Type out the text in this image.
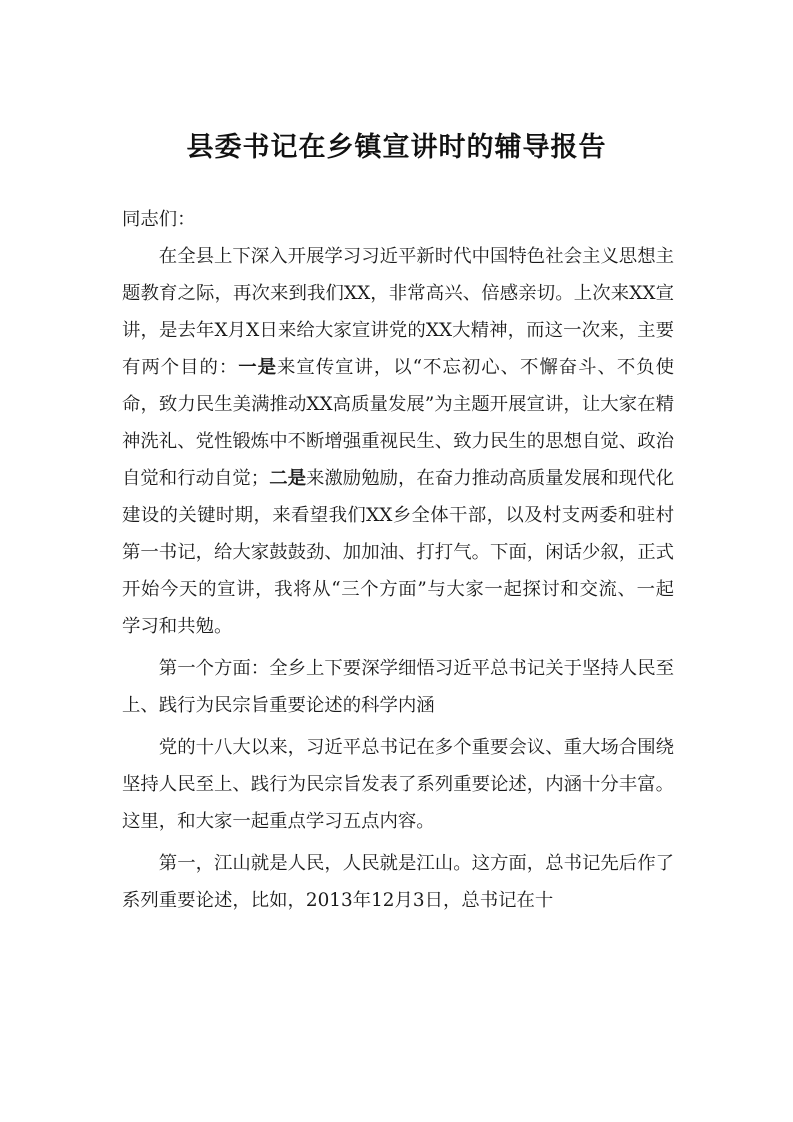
县委书记在乡镇宣讲时的辅导报告

同志们：

在全县上下深入开展学习习近平新时代中国特色社会主义思想主题教育之际，再次来到我们XX，非常高兴、倍感亲切。上次来XX宣讲，是去年X月X日来给大家宣讲党的XX大精神，而这一次来，主要有两个目的：一是来宣传宣讲，以“不忘初心、不懈奋斗、不负使命，致力民生美满推动XX高质量发展”为主题开展宣讲，让大家在精神洗礼、党性锻炼中不断增强重视民生、致力民生的思想自觉、政治自觉和行动自觉；二是来激励勉励，在奋力推动高质量发展和现代化建设的关键时期，来看望我们XX乡全体干部，以及村支两委和驻村第一书记，给大家鼓鼓劲、加加油、打打气。下面，闲话少叙，正式开始今天的宣讲，我将从“三个方面”与大家一起探讨和交流、一起学习和共勉。

第一个方面：全乡上下要深学细悟习近平总书记关于坚持人民至上、践行为民宗旨重要论述的科学内涵

党的十八大以来，习近平总书记在多个重要会议、重大场合围绕坚持人民至上、践行为民宗旨发表了系列重要论述，内涵十分丰富。这里，和大家一起重点学习五点内容。

第一，江山就是人民，人民就是江山。这方面，总书记先后作了系列重要论述，比如，2013年12月3日，总书记在十
